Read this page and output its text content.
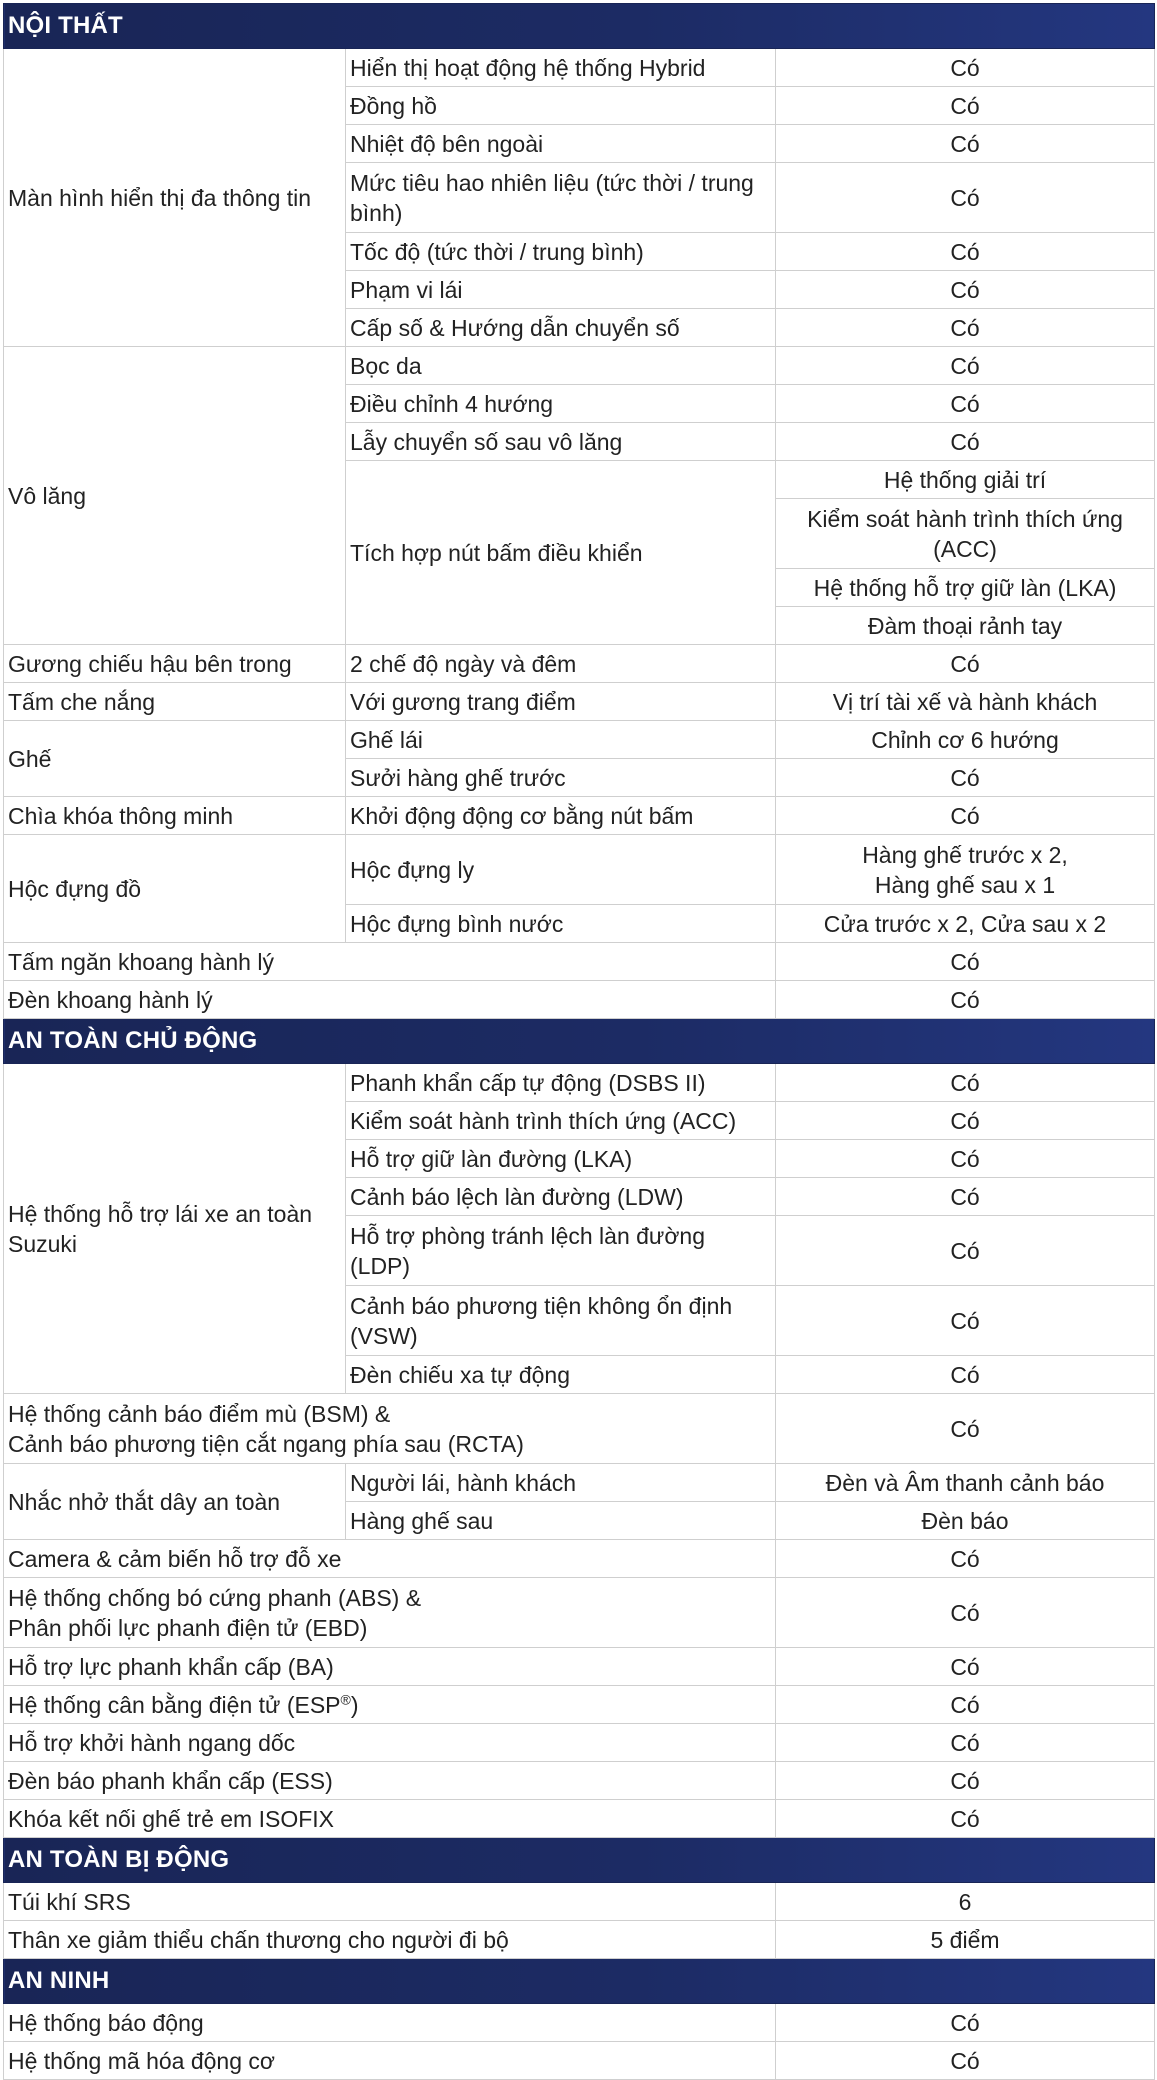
NỘI THẤT		
Màn hình hiển thị đa thông tin	Hiển thị hoạt động hệ thống Hybrid	Có
	Đồng hồ	Có
	Nhiệt độ bên ngoài	Có
	Mức tiêu hao nhiên liệu (tức thời / trung bình)	Có
	Tốc độ (tức thời / trung bình)	Có
	Phạm vi lái	Có
	Cấp số & Hướng dẫn chuyển số	Có
Vô lăng	Bọc da	Có
	Điều chỉnh 4 hướng	Có
	Lẫy chuyển số sau vô lăng	Có
	Tích hợp nút bấm điều khiển	Hệ thống giải trí
		Kiểm soát hành trình thích ứng (ACC)
		Hệ thống hỗ trợ giữ làn (LKA)
		Đàm thoại rảnh tay
Gương chiếu hậu bên trong	2 chế độ ngày và đêm	Có
Tấm che nắng	Với gương trang điểm	Vị trí tài xế và hành khách
Ghế	Ghế lái	Chỉnh cơ 6 hướng
	Sưởi hàng ghế trước	Có
Chìa khóa thông minh	Khởi động động cơ bằng nút bấm	Có
Hộc đựng đồ	Hộc đựng ly	Hàng ghế trước x 2,
Hàng ghế sau x 1
	Hộc đựng bình nước	Cửa trước x 2, Cửa sau x 2
Tấm ngăn khoang hành lý		Có
Đèn khoang hành lý		Có
AN TOÀN CHỦ ĐỘNG		
Hệ thống hỗ trợ lái xe an toàn Suzuki	Phanh khẩn cấp tự động (DSBS II)	Có
	Kiểm soát hành trình thích ứng (ACC)	Có
	Hỗ trợ giữ làn đường (LKA)	Có
	Cảnh báo lệch làn đường (LDW)	Có
	Hỗ trợ phòng tránh lệch làn đường (LDP)	Có
	Cảnh báo phương tiện không ổn định (VSW)	Có
	Đèn chiếu xa tự động	Có
Hệ thống cảnh báo điểm mù (BSM) &
Cảnh báo phương tiện cắt ngang phía sau (RCTA)		Có
Nhắc nhở thắt dây an toàn	Người lái, hành khách	Đèn và Âm thanh cảnh báo
	Hàng ghế sau	Đèn báo
Camera & cảm biến hỗ trợ đỗ xe		Có
Hệ thống chống bó cứng phanh (ABS) &
Phân phối lực phanh điện tử (EBD)		Có
Hỗ trợ lực phanh khẩn cấp (BA)		Có
Hệ thống cân bằng điện tử (ESP®)		Có
Hỗ trợ khởi hành ngang dốc		Có
Đèn báo phanh khẩn cấp (ESS)		Có
Khóa kết nối ghế trẻ em ISOFIX		Có
AN TOÀN BỊ ĐỘNG		
Túi khí SRS		6
Thân xe giảm thiểu chấn thương cho người đi bộ		5 điểm
AN NINH		
Hệ thống báo động		Có
Hệ thống mã hóa động cơ		Có
